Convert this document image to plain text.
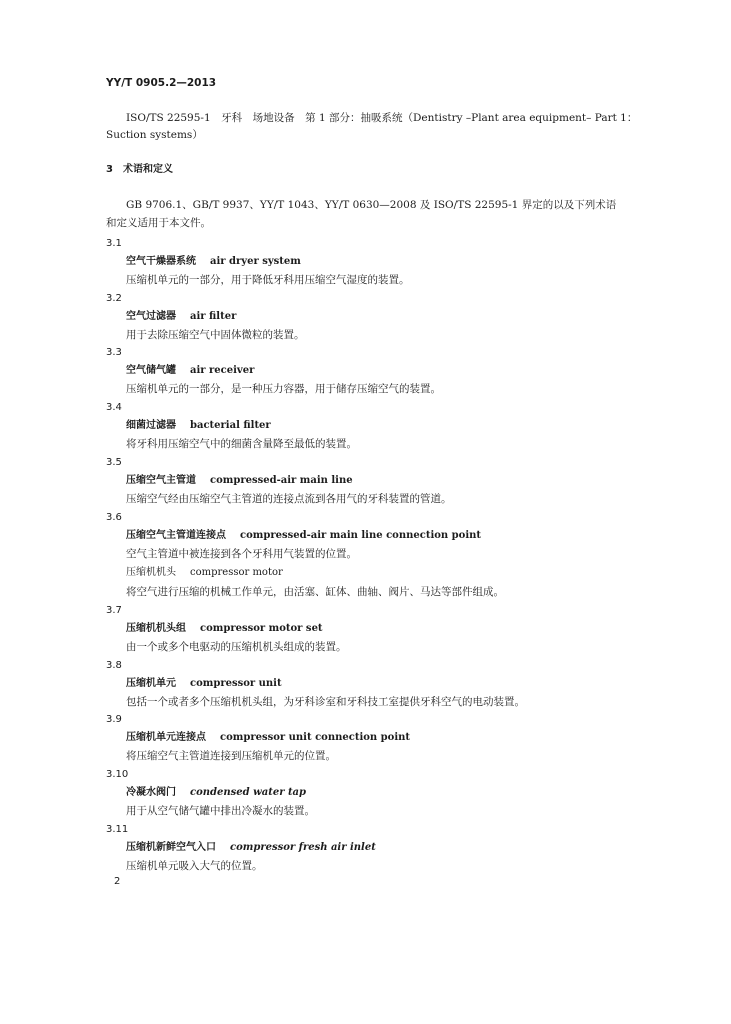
YY/T 0905.2—2013
ISO/TS 22595-1　牙科　场地设备　第 1 部分：抽吸系统（Dentistry –Plant area equipment– Part 1：
Suction systems）
3　术语和定义
GB 9706.1、GB/T 9937、YY/T 1043、YY/T 0630—2008 及 ISO/TS 22595-1 界定的以及下列术语
和定义适用于本文件。
3.1
空气干燥器系统 air dryer system
压缩机单元的一部分，用于降低牙科用压缩空气湿度的装置。
3.2
空气过滤器 air filter
用于去除压缩空气中固体微粒的装置。
3.3
空气储气罐 air receiver
压缩机单元的一部分，是一种压力容器，用于储存压缩空气的装置。
3.4
细菌过滤器 bacterial filter
将牙科用压缩空气中的细菌含量降至最低的装置。
3.5
压缩空气主管道 compressed-air main line
压缩空气经由压缩空气主管道的连接点流到各用气的牙科装置的管道。
3.6
压缩空气主管道连接点 compressed-air main line connection point
空气主管道中被连接到各个牙科用气装置的位置。
压缩机机头 compressor motor
将空气进行压缩的机械工作单元，由活塞、缸体、曲轴、阀片、马达等部件组成。
3.7
压缩机机头组 compressor motor set
由一个或多个电驱动的压缩机机头组成的装置。
3.8
压缩机单元 compressor unit
包括一个或者多个压缩机机头组，为牙科诊室和牙科技工室提供牙科空气的电动装置。
3.9
压缩机单元连接点 compressor unit connection point
将压缩空气主管道连接到压缩机单元的位置。
3.10
冷凝水阀门 condensed water tap
用于从空气储气罐中排出冷凝水的装置。
3.11
压缩机新鲜空气入口 compressor fresh air inlet
压缩机单元吸入大气的位置。
2
